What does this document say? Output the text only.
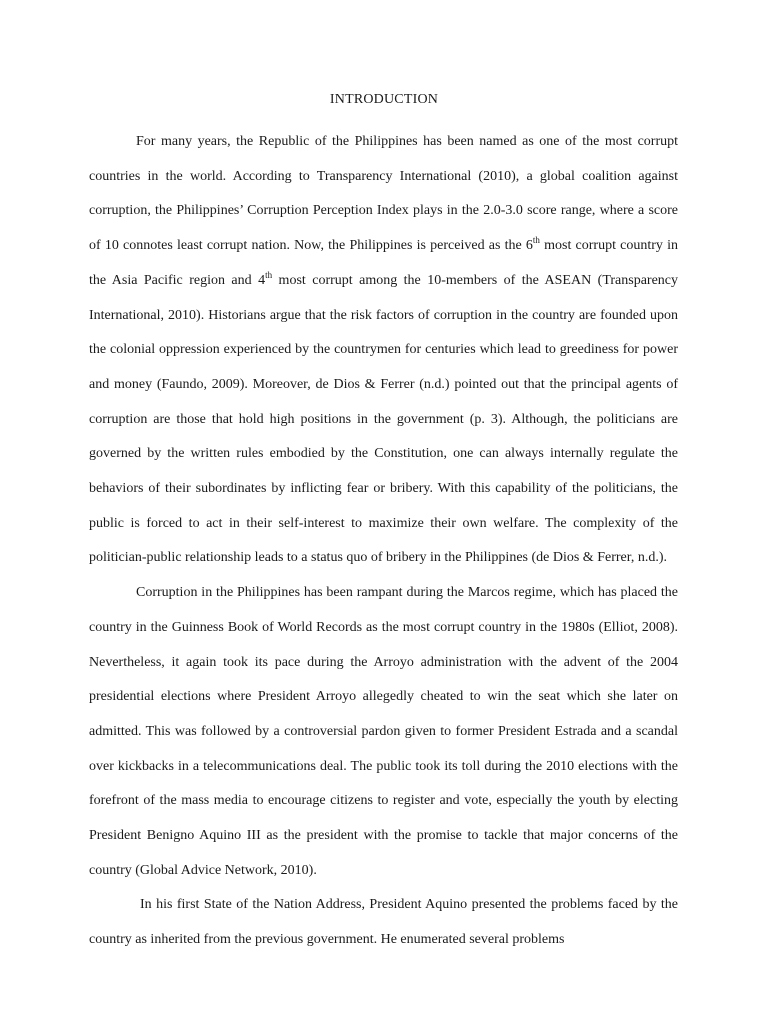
INTRODUCTION

For many years, the Republic of the Philippines has been named as one of the most corrupt countries in the world. According to Transparency International (2010), a global coalition against corruption, the Philippines’ Corruption Perception Index plays in the 2.0-3.0 score range, where a score of 10 connotes least corrupt nation. Now, the Philippines is perceived as the 6th most corrupt country in the Asia Pacific region and 4th most corrupt among the 10-members of the ASEAN (Transparency International, 2010). Historians argue that the risk factors of corruption in the country are founded upon the colonial oppression experienced by the countrymen for centuries which lead to greediness for power and money (Faundo, 2009). Moreover, de Dios & Ferrer (n.d.) pointed out that the principal agents of corruption are those that hold high positions in the government (p. 3). Although, the politicians are governed by the written rules embodied by the Constitution, one can always internally regulate the behaviors of their subordinates by inflicting fear or bribery. With this capability of the politicians, the public is forced to act in their self-interest to maximize their own welfare. The complexity of the politician-public relationship leads to a status quo of bribery in the Philippines (de Dios & Ferrer, n.d.).

Corruption in the Philippines has been rampant during the Marcos regime, which has placed the country in the Guinness Book of World Records as the most corrupt country in the 1980s (Elliot, 2008). Nevertheless, it again took its pace during the Arroyo administration with the advent of the 2004 presidential elections where President Arroyo allegedly cheated to win the seat which she later on admitted. This was followed by a controversial pardon given to former President Estrada and a scandal over kickbacks in a telecommunications deal. The public took its toll during the 2010 elections with the forefront of the mass media to encourage citizens to register and vote, especially the youth by electing President Benigno Aquino III as the president with the promise to tackle that major concerns of the country (Global Advice Network, 2010).

In his first State of the Nation Address, President Aquino presented the problems faced by the country as inherited from the previous government. He enumerated several problems
